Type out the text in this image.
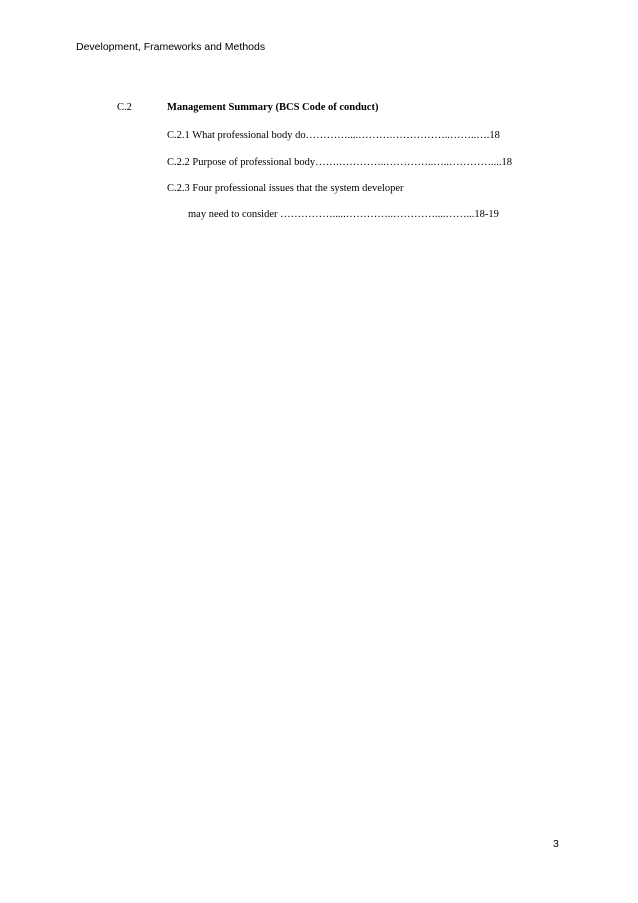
Development, Frameworks and Methods
C.2	Management Summary (BCS Code of conduct)
C.2.1 What professional body do…………....……….……………..……..….18
C.2.2 Purpose of professional body…….…………..…………..…..…………....18
C.2.3 Four professional issues that the system developer
may need to consider …………….....…………..…………....……...18-19
3
